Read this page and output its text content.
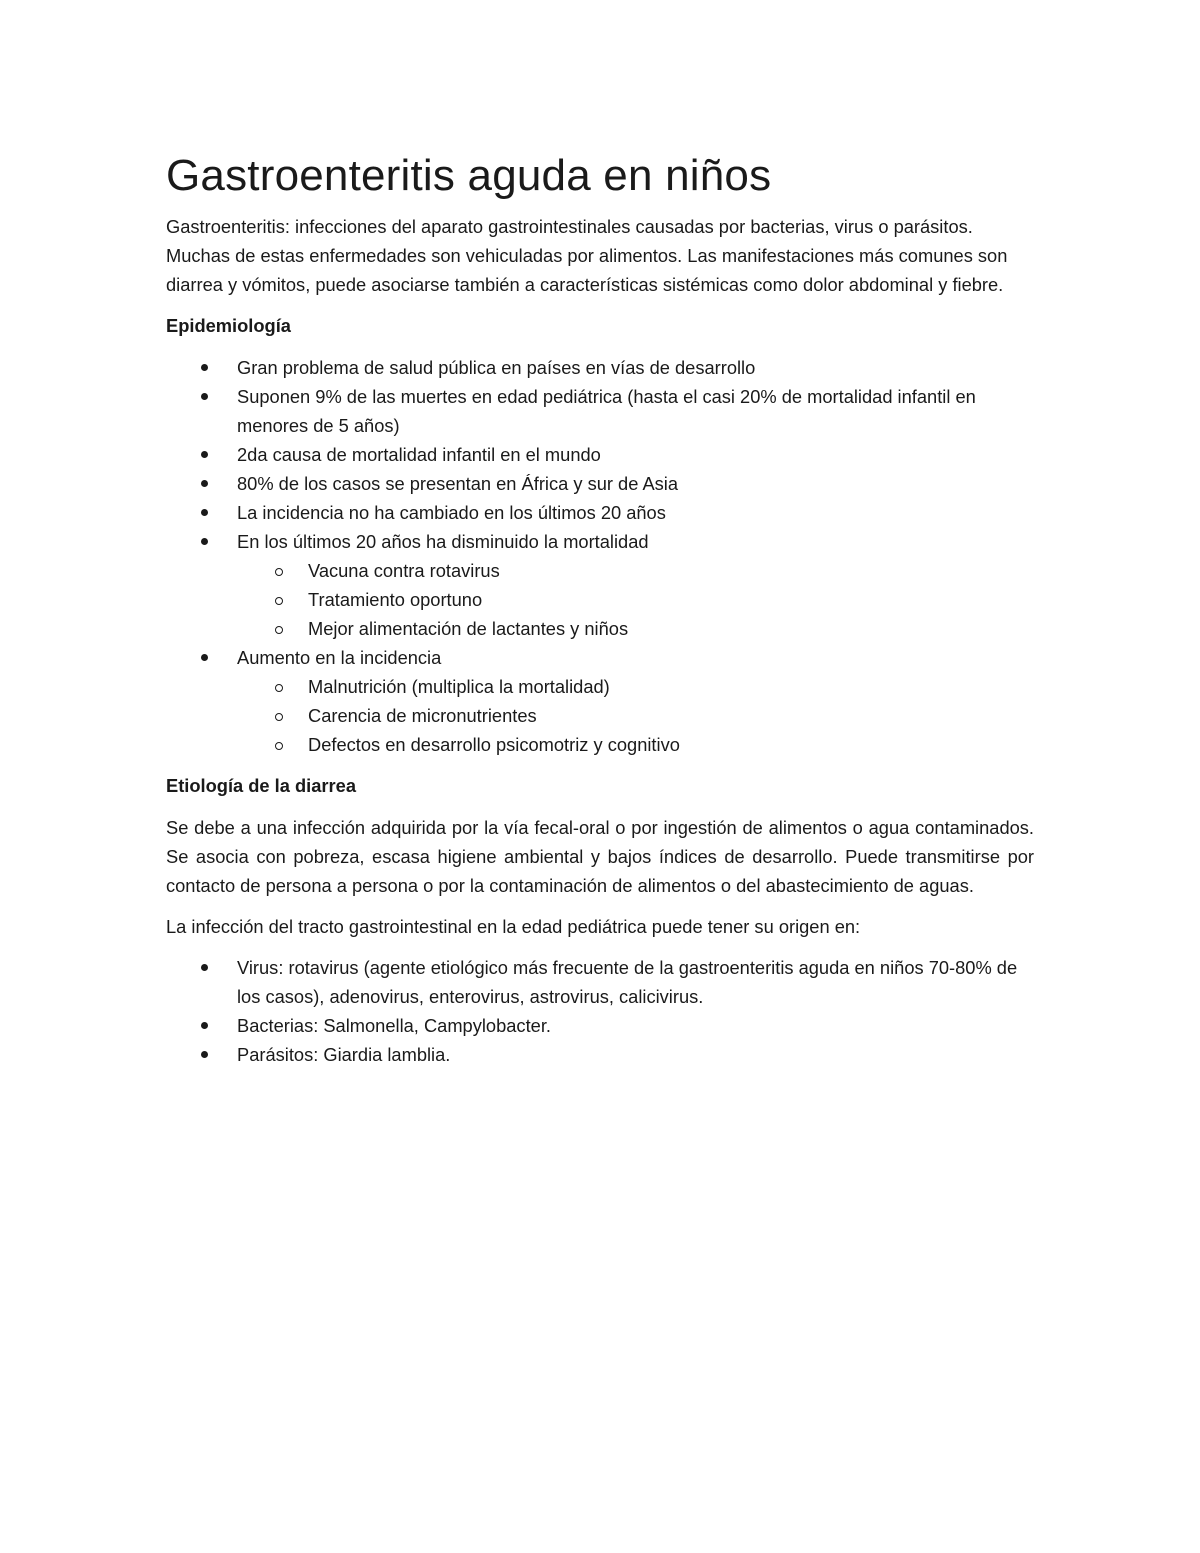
Gastroenteritis aguda en niños

Gastroenteritis: infecciones del aparato gastrointestinales causadas por bacterias, virus o parásitos. Muchas de estas enfermedades son vehiculadas por alimentos. Las manifestaciones más comunes son diarrea y vómitos, puede asociarse también a características sistémicas como dolor abdominal y fiebre.

Epidemiología
Gran problema de salud pública en países en vías de desarrollo
Suponen 9% de las muertes en edad pediátrica (hasta el casi 20% de mortalidad infantil en menores de 5 años)
2da causa de mortalidad infantil en el mundo
80% de los casos se presentan en África y sur de Asia
La incidencia no ha cambiado en los últimos 20 años
En los últimos 20 años ha disminuido la mortalidad
Vacuna contra rotavirus
Tratamiento oportuno
Mejor alimentación de lactantes y niños
Aumento en la incidencia
Malnutrición (multiplica la mortalidad)
Carencia de micronutrientes
Defectos en desarrollo psicomotriz y cognitivo
Etiología de la diarrea

Se debe a una infección adquirida por la vía fecal-oral o por ingestión de alimentos o agua contaminados. Se asocia con pobreza, escasa higiene ambiental y bajos índices de desarrollo. Puede transmitirse por contacto de persona a persona o por la contaminación de alimentos o del abastecimiento de aguas.

La infección del tracto gastrointestinal en la edad pediátrica puede tener su origen en:

Virus: rotavirus (agente etiológico más frecuente de la gastroenteritis aguda en niños 70-80% de los casos), adenovirus, enterovirus, astrovirus, calicivirus.
Bacterias: Salmonella, Campylobacter.
Parásitos: Giardia lamblia.
